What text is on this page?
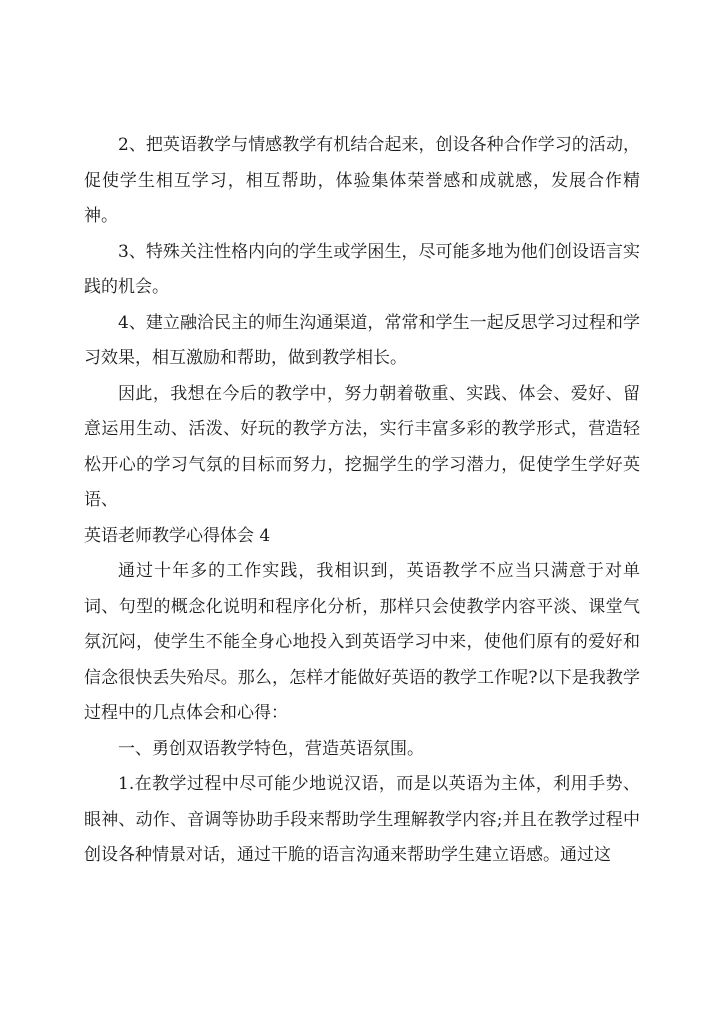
2、把英语教学与情感教学有机结合起来，创设各种合作学习的活动，促使学生相互学习，相互帮助，体验集体荣誉感和成就感，发展合作精神。

3、特殊关注性格内向的学生或学困生，尽可能多地为他们创设语言实践的机会。

4、建立融洽民主的师生沟通渠道，常常和学生一起反思学习过程和学习效果，相互激励和帮助，做到教学相长。

因此，我想在今后的教学中，努力朝着敬重、实践、体会、爱好、留意运用生动、活泼、好玩的教学方法，实行丰富多彩的教学形式，营造轻松开心的学习气氛的目标而努力，挖掘学生的学习潜力，促使学生学好英语、

英语老师教学心得体会 4

通过十年多的工作实践，我相识到，英语教学不应当只满意于对单词、句型的概念化说明和程序化分析，那样只会使教学内容平淡、课堂气氛沉闷，使学生不能全身心地投入到英语学习中来，使他们原有的爱好和信念很快丢失殆尽。那么，怎样才能做好英语的教学工作呢?以下是我教学过程中的几点体会和心得：

一、勇创双语教学特色，营造英语氛围。

1.在教学过程中尽可能少地说汉语，而是以英语为主体，利用手势、眼神、动作、音调等协助手段来帮助学生理解教学内容;并且在教学过程中创设各种情景对话，通过干脆的语言沟通来帮助学生建立语感。通过这
